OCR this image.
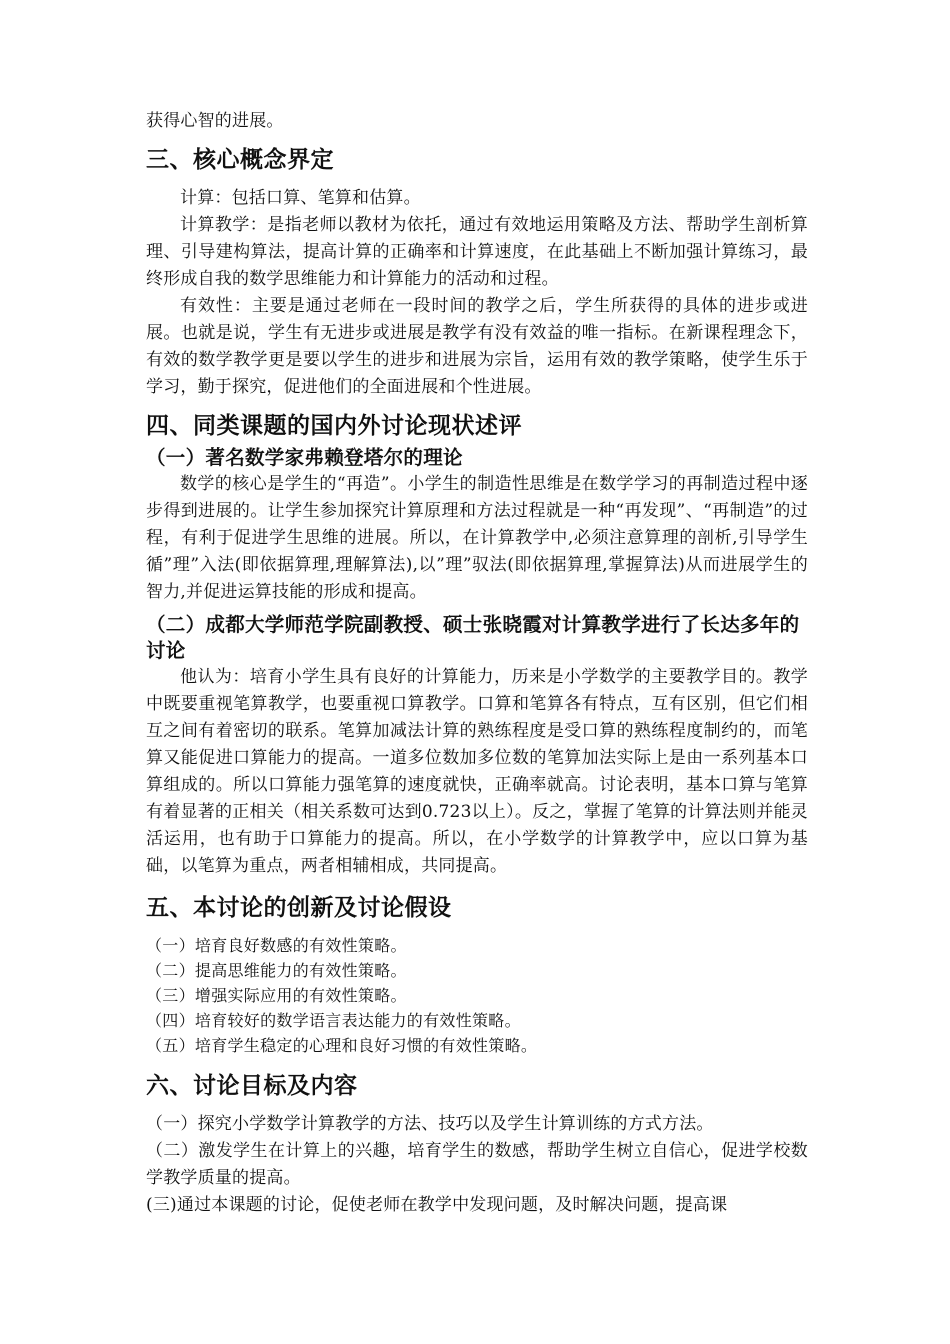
获得心智的进展。

三、核心概念界定

计算：包括口算、笔算和估算。

计算教学：是指老师以教材为依托，通过有效地运用策略及方法、帮助学生剖析算理、引导建构算法，提高计算的正确率和计算速度，在此基础上不断加强计算练习，最终形成自我的数学思维能力和计算能力的活动和过程。

有效性：主要是通过老师在一段时间的教学之后，学生所获得的具体的进步或进展。也就是说，学生有无进步或进展是教学有没有效益的唯一指标。在新课程理念下，有效的数学教学更是要以学生的进步和进展为宗旨，运用有效的教学策略，使学生乐于学习，勤于探究，促进他们的全面进展和个性进展。

四、同类课题的国内外讨论现状述评
（一）著名数学家弗赖登塔尔的理论

数学的核心是学生的“再造”。小学生的制造性思维是在数学学习的再制造过程中逐步得到进展的。让学生参加探究计算原理和方法过程就是一种“再发现”、“再制造”的过程，有利于促进学生思维的进展。所以，在计算教学中,必须注意算理的剖析,引导学生循”理”入法(即依据算理,理解算法),以”理”驭法(即依据算理,掌握算法)从而进展学生的智力,并促进运算技能的形成和提高。

（二）成都大学师范学院副教授、硕士张晓霞对计算教学进行了长达多年的讨论

他认为：培育小学生具有良好的计算能力，历来是小学数学的主要教学目的。教学中既要重视笔算教学，也要重视口算教学。口算和笔算各有特点，互有区别，但它们相互之间有着密切的联系。笔算加减法计算的熟练程度是受口算的熟练程度制约的，而笔算又能促进口算能力的提高。一道多位数加多位数的笔算加法实际上是由一系列基本口算组成的。所以口算能力强笔算的速度就快，正确率就高。讨论表明，基本口算与笔算有着显著的正相关（相关系数可达到0.723以上）。反之，掌握了笔算的计算法则并能灵活运用，也有助于口算能力的提高。所以，在小学数学的计算教学中，应以口算为基础，以笔算为重点，两者相辅相成，共同提高。

五、本讨论的创新及讨论假设

（一）培育良好数感的有效性策略。

（二）提高思维能力的有效性策略。

（三）增强实际应用的有效性策略。

（四）培育较好的数学语言表达能力的有效性策略。

（五）培育学生稳定的心理和良好习惯的有效性策略。

六、讨论目标及内容

（一）探究小学数学计算教学的方法、技巧以及学生计算训练的方式方法。

（二）激发学生在计算上的兴趣，培育学生的数感，帮助学生树立自信心，促进学校数学教学质量的提高。

(三)通过本课题的讨论，促使老师在教学中发现问题，及时解决问题，提高课
